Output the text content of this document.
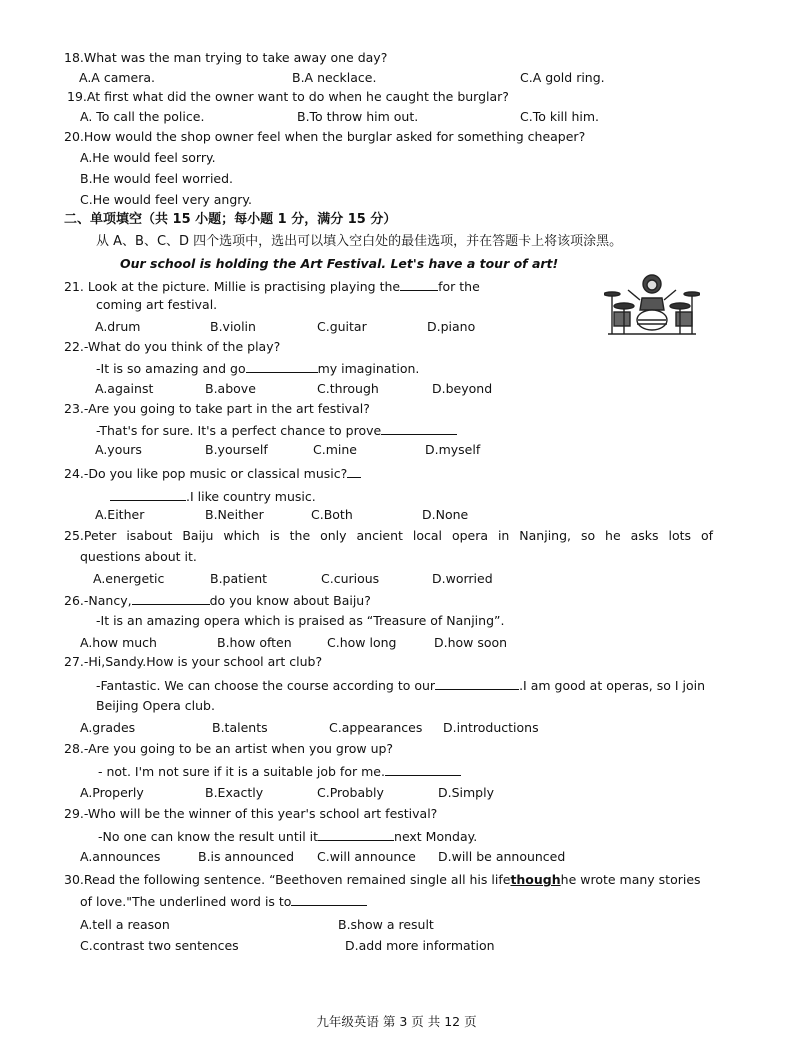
18.What was the man trying to take away one day?
A.A camera.	B.A necklace.	C.A gold ring.
19.At first what did the owner want to do when he caught the burglar?
A. To call the police.	B.To throw him out.	C.To kill him.
20.How would the shop owner feel when the burglar asked for something cheaper?
A.He would feel sorry.
B.He would feel worried.
C.He would feel very angry.
二、单项填空（共 15 小题；每小题 1 分，满分 15 分）
从 A、B、C、D 四个选项中，选出可以填入空白处的最佳选项，并在答题卡上将该项涂黑。
Our school is holding the Art Festival. Let's have a tour of art!
21. Look at the picture. Millie is practising playing the	for the
coming art festival.
A.drum	B.violin	C.guitar	D.piano
22.-What do you think of the play?
-It is so amazing and go	my imagination.
A.against	B.above	C.through	D.beyond
23.-Are you going to take part in the art festival?
-That's for sure. It's a perfect chance to prove
A.yours	B.yourself	C.mine	D.myself
24.-Do you like pop music or classical music?
.I like country music.
A.Either	B.Neither	C.Both	D.None
25.Peter isabout Baiju which is the only ancient local opera in Nanjing, so he asks lots of
questions about it.
A.energetic	B.patient	C.curious	D.worried
26.-Nancy,	do you know about Baiju?
-It is an amazing opera which is praised as “Treasure of Nanjing”.
A.how much	B.how often	C.how long	D.how soon
27.-Hi,Sandy.How is your school art club?
-Fantastic. We can choose the course according to our	.I am good at operas, so I join
Beijing Opera club.
A.grades	B.talents	C.appearances D.introductions
28.-Are you going to be an artist when you grow up?
- not. I'm not sure if it is a suitable job for me.
A.Properly	B.Exactly	C.Probably	D.Simply
29.-Who will be the winner of this year's school art festival?
-No one can know the result until it	next Monday.
A.announces	B.is announced C.will announce D.will be announced
30.Read the following sentence. “Beethoven remained single all his lifethoughhe wrote many stories
of love."The underlined word is to
A.tell a reason	B.show a result
C.contrast two sentences	D.add more information
九年级英语 第 3 页 共 12 页
